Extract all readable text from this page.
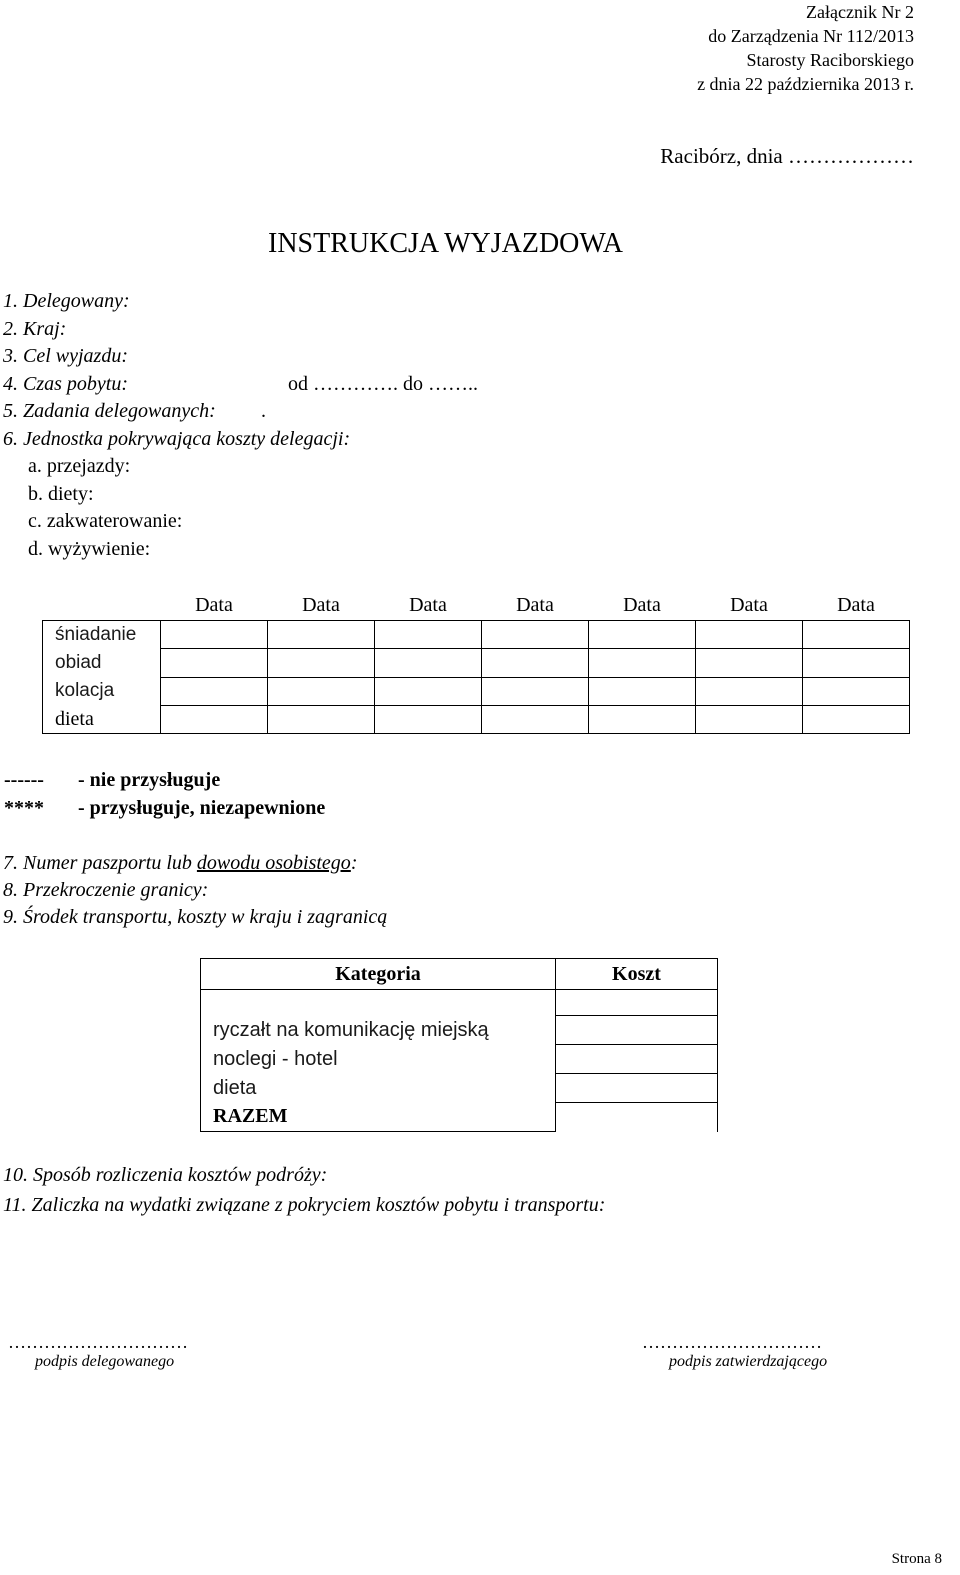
Załącznik Nr 2
do Zarządzenia Nr 112/2013
Starosty Raciborskiego
z dnia 22 października 2013 r.
Racibórz, dnia ………………
INSTRUKCJA WYJAZDOWA
1. Delegowany:
2. Kraj:
3. Cel wyjazdu:
4. Czas pobytu:	od …………. do ……..
5. Zadania delegowanych: .
6. Jednostka pokrywająca koszty delegacji:
a. przejazdy:
b. diety:
c. zakwaterowanie:
d. wyżywienie:
	Data	Data	Data	Data	Data	Data	Data
śniadanie							
obiad							
kolacja							
dieta							
------ - nie przysługuje
**** - przysługuje, niezapewnione
7. Numer paszportu lub dowodu osobistego:
8. Przekroczenie granicy:
9. Środek transportu, koszty w kraju i zagranicą
Kategoria	Koszt

ryczałt na komunikację miejską	
noclegi - hotel	
dieta	
RAZEM	
10. Sposób rozliczenia kosztów podróży:
11. Zaliczka na wydatki związane z pokryciem kosztów pobytu i transportu:
…………………………	…………………………
podpis delegowanego	podpis zatwierdzającego
Strona 8
